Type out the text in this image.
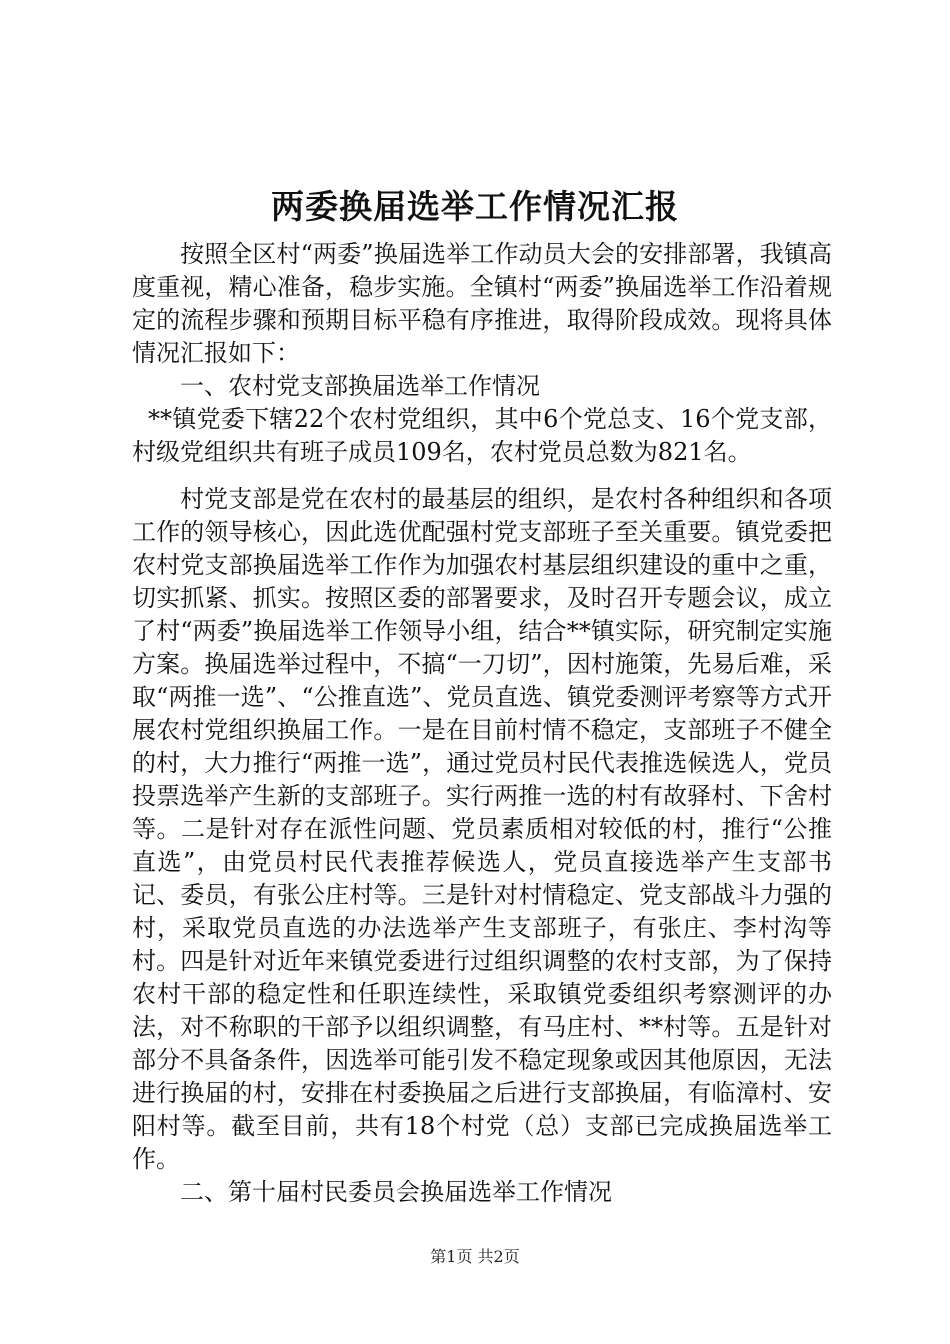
两委换届选举工作情况汇报

按照全区村“两委”换届选举工作动员大会的安排部署，我镇高度重视，精心准备，稳步实施。全镇村“两委”换届选举工作沿着规定的流程步骤和预期目标平稳有序推进，取得阶段成效。现将具体情况汇报如下：

一、农村党支部换届选举工作情况

**镇党委下辖22个农村党组织，其中6个党总支、16个党支部，村级党组织共有班子成员109名，农村党员总数为821名。

村党支部是党在农村的最基层的组织，是农村各种组织和各项工作的领导核心，因此选优配强村党支部班子至关重要。镇党委把农村党支部换届选举工作作为加强农村基层组织建设的重中之重，切实抓紧、抓实。按照区委的部署要求，及时召开专题会议，成立了村“两委”换届选举工作领导小组，结合**镇实际，研究制定实施方案。换届选举过程中，不搞“一刀切”，因村施策，先易后难，采取“两推一选”、“公推直选”、党员直选、镇党委测评考察等方式开展农村党组织换届工作。一是在目前村情不稳定，支部班子不健全的村，大力推行“两推一选”，通过党员村民代表推选候选人，党员投票选举产生新的支部班子。实行两推一选的村有故驿村、下舍村等。二是针对存在派性问题、党员素质相对较低的村，推行“公推直选”，由党员村民代表推荐候选人，党员直接选举产生支部书记、委员，有张公庄村等。三是针对村情稳定、党支部战斗力强的村，采取党员直选的办法选举产生支部班子，有张庄、李村沟等村。四是针对近年来镇党委进行过组织调整的农村支部，为了保持农村干部的稳定性和任职连续性，采取镇党委组织考察测评的办法，对不称职的干部予以组织调整，有马庄村、**村等。五是针对部分不具备条件，因选举可能引发不稳定现象或因其他原因，无法进行换届的村，安排在村委换届之后进行支部换届，有临漳村、安阳村等。截至目前，共有18个村党（总）支部已完成换届选举工作。

二、第十届村民委员会换届选举工作情况

第1页 共2页
